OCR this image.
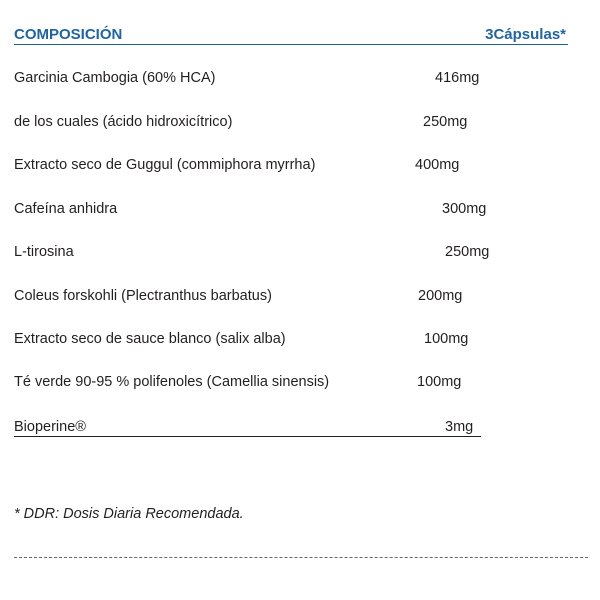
COMPOSICIÓN	3Cápsulas*
Garcinia Cambogia (60% HCA)	416mg
de los cuales (ácido hidroxicítrico)	250mg
Extracto seco de Guggul (commiphora myrrha)	400mg
Cafeína anhidra	300mg
L-tirosina	250mg
Coleus forskohli (Plectranthus barbatus)	200mg
Extracto seco de sauce blanco (salix alba)	100mg
Té verde 90-95 % polifenoles (Camellia sinensis)	100mg
Bioperine®	3mg
* DDR: Dosis Diaria Recomendada.
